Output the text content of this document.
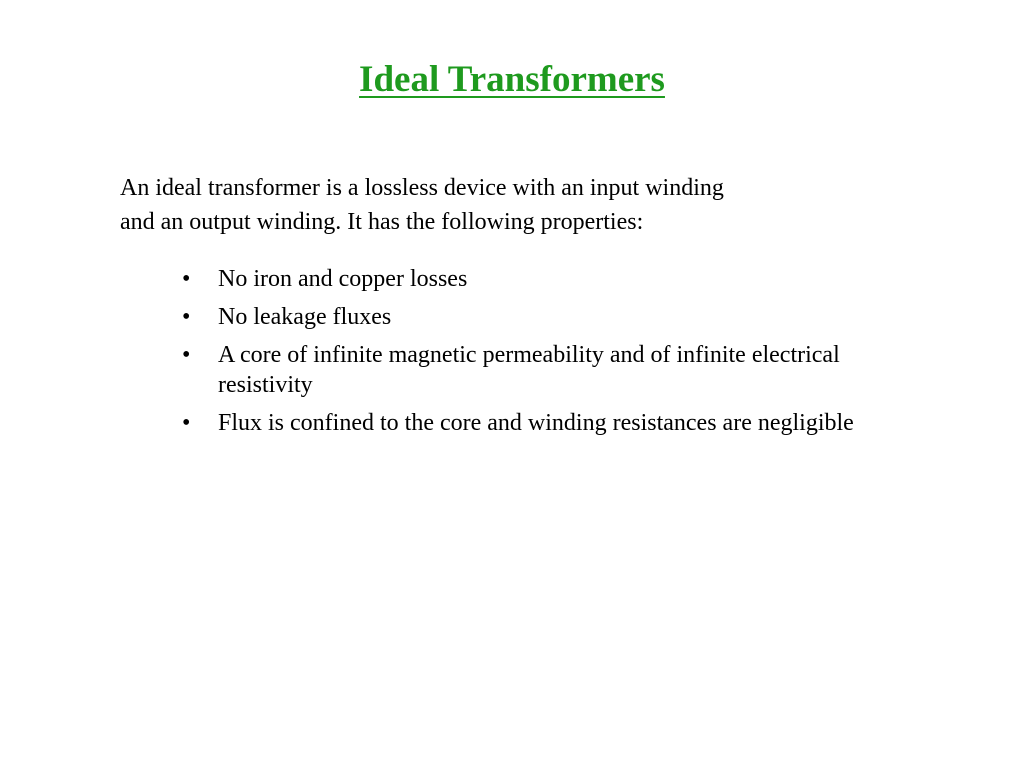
Ideal Transformers
An ideal transformer is a lossless device with an input winding
and an output winding. It has the following properties:
• No iron and copper losses
• No leakage fluxes
• A core of infinite magnetic permeability and of infinite electrical resistivity
• Flux is confined to the core and winding resistances are negligible
